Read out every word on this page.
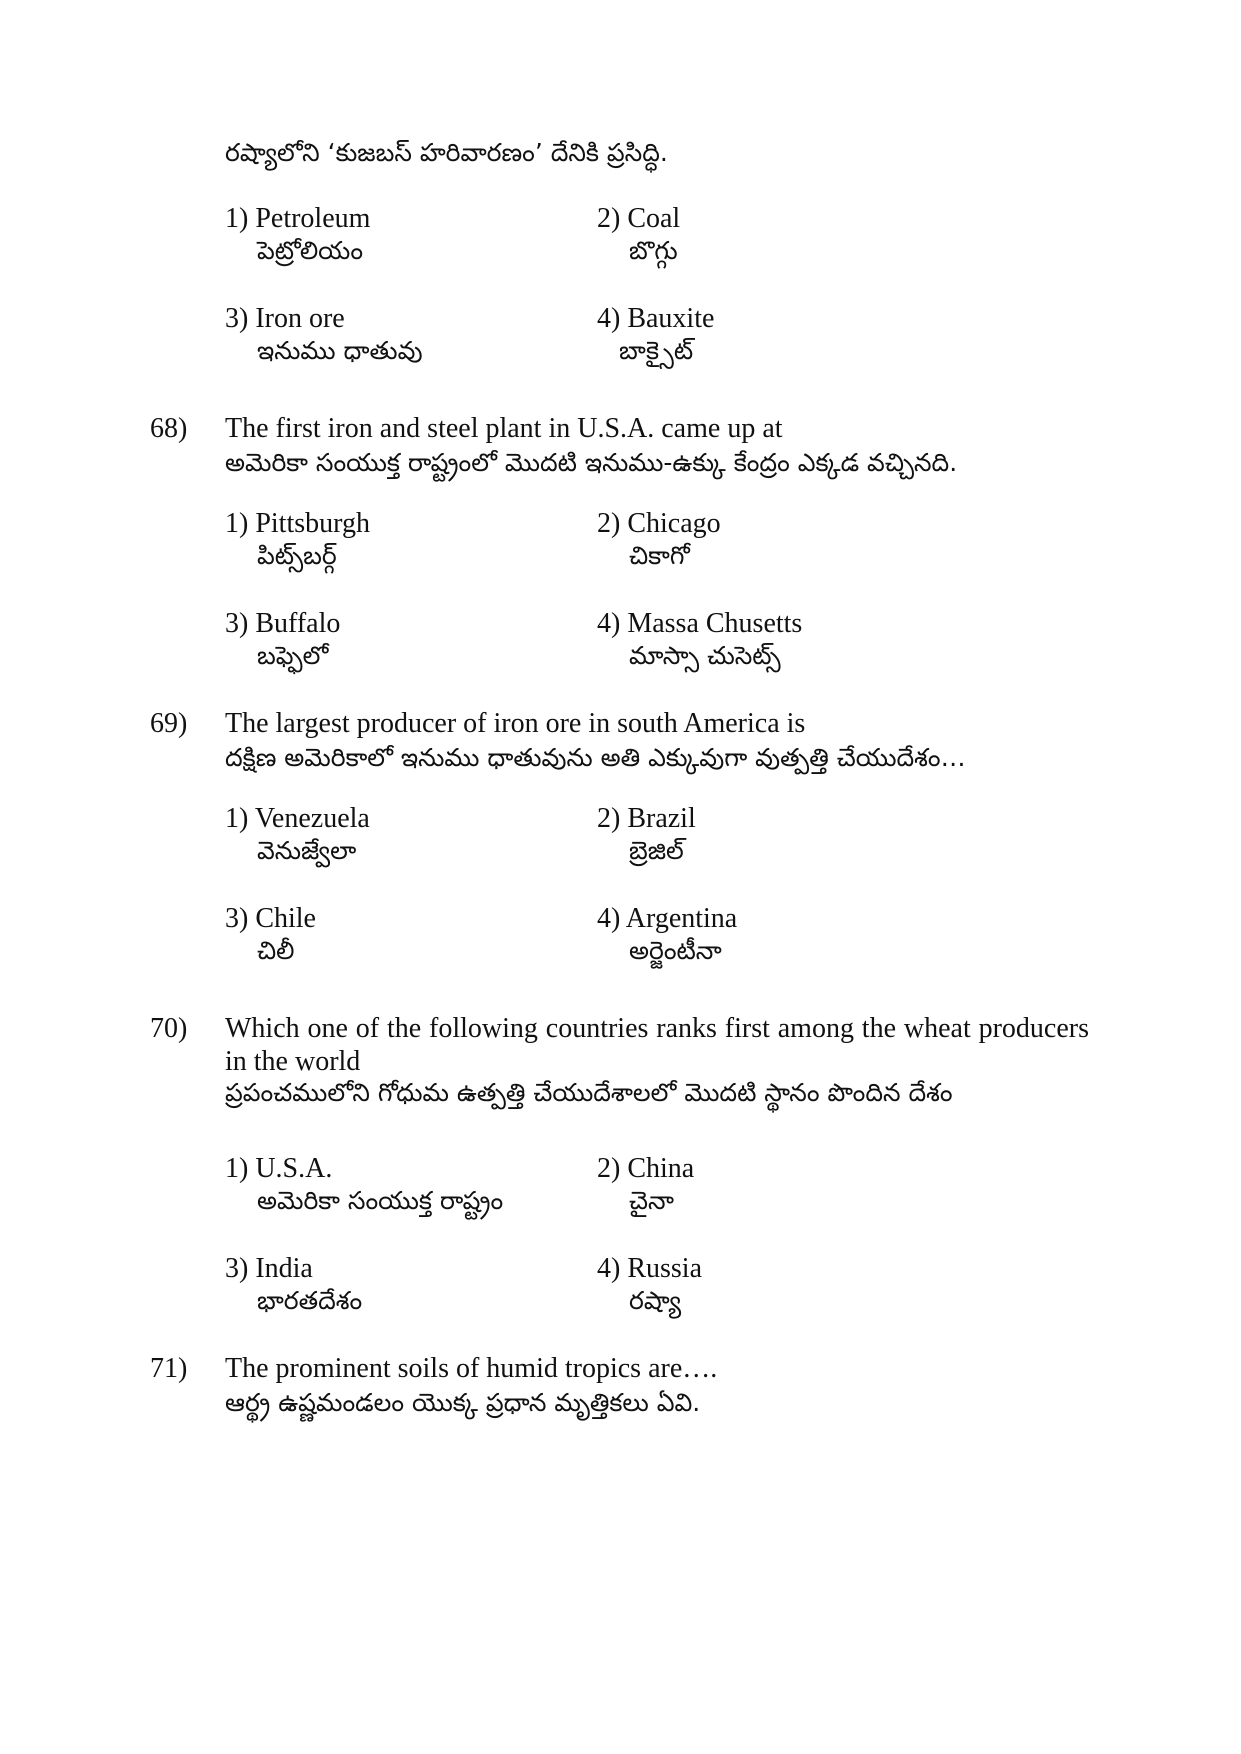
రష్యాలోని ‘కుజబస్ హరివారణం’ దేనికి ప్రసిద్ధి.
1) Petroleum
పెట్రోలియం
2) Coal
బొగ్గు
3) Iron ore
ఇనుము ధాతువు
4) Bauxite
బాక్సైట్
68) The first iron and steel plant in U.S.A. came up at
అమెరికా సంయుక్త రాష్ట్రంలో మొదటి ఇనుము-ఉక్కు కేంద్రం ఎక్కడ వచ్చినది.
1) Pittsburgh
పిట్స్‌బర్గ్
2) Chicago
చికాగో
3) Buffalo
బఫ్ఫెలో
4) Massa Chusetts
మాస్సా చుసెట్స్
69) The largest producer of iron ore in south America is
దక్షిణ అమెరికాలో ఇనుము ధాతువును అతి ఎక్కువుగా వుత్పత్తి చేయుదేశం…
1) Venezuela
వెనుజ్వేలా
2) Brazil
బ్రెజిల్
3) Chile
చిలీ
4) Argentina
అర్జెంటీనా
70) Which one of the following countries ranks first among the wheat producers in the world
ప్రపంచములోని గోధుమ ఉత్పత్తి చేయుదేశాలలో మొదటి స్థానం పొందిన దేశం
1) U.S.A.
అమెరికా సంయుక్త రాష్ట్రం
2) China
చైనా
3) India
భారతదేశం
4) Russia
రష్యా
71) The prominent soils of humid tropics are….
ఆర్థ్ర ఉష్ణమండలం యొక్క ప్రధాన మృత్తికలు ఏవి.
